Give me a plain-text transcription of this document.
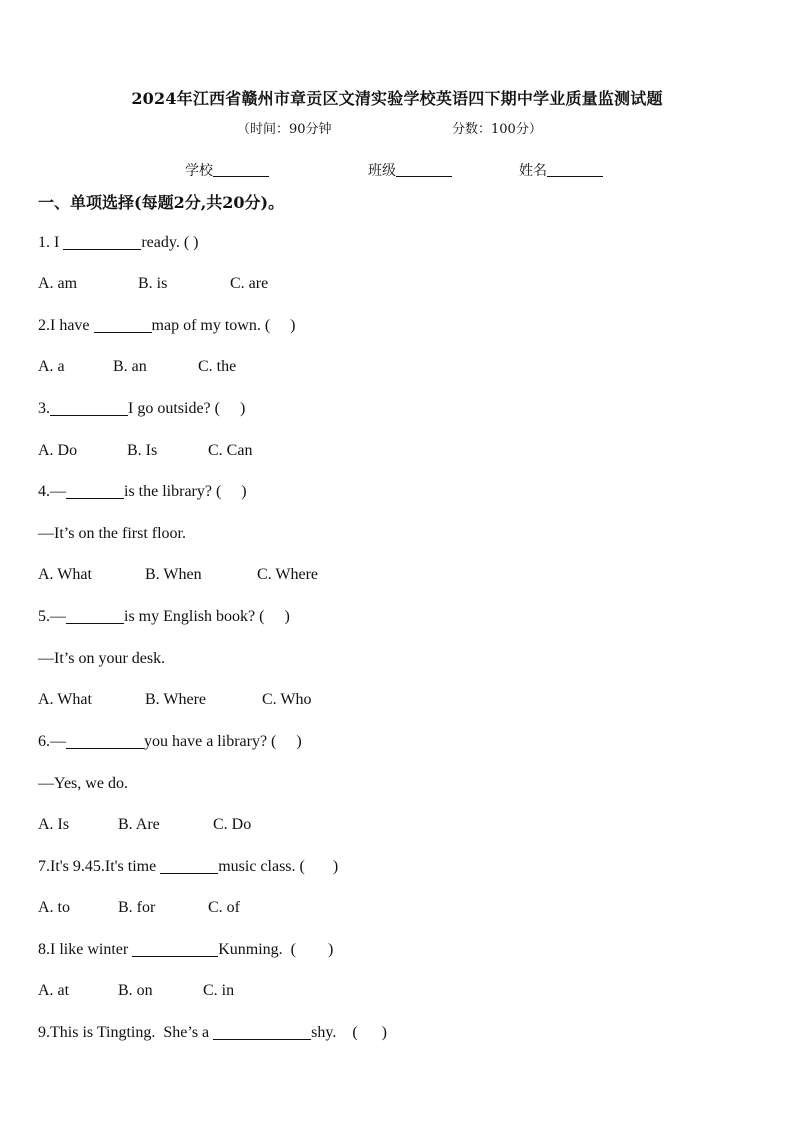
2024年江西省赣州市章贡区文清实验学校英语四下期中学业质量监测试题
（时间：90分钟	分数：100分）
学校	班级	姓名
一、单项选择(每题2分,共20分)。
1. I	ready. ( )
A. am	B. is	C. are
2.I have	map of my town. (     )
A. a	B. an	C. the
3.	I go outside? (     )
A. Do	B. Is	C. Can
4.—	is the library? (     )
—It’s on the first floor.
A. What	B. When	C. Where
5.—	is my English book? (     )
—It’s on your desk.
A. What	B. Where	C. Who
6.—	you have a library? (     )
—Yes, we do.
A. Is	B. Are	C. Do
7.It's 9.45.It's time	music class. (       )
A. to	B. for	C. of
8.I like winter	Kunming.  (        )
A. at	B. on	C. in
9.This is Tingting.  She’s a	shy.    (      )
